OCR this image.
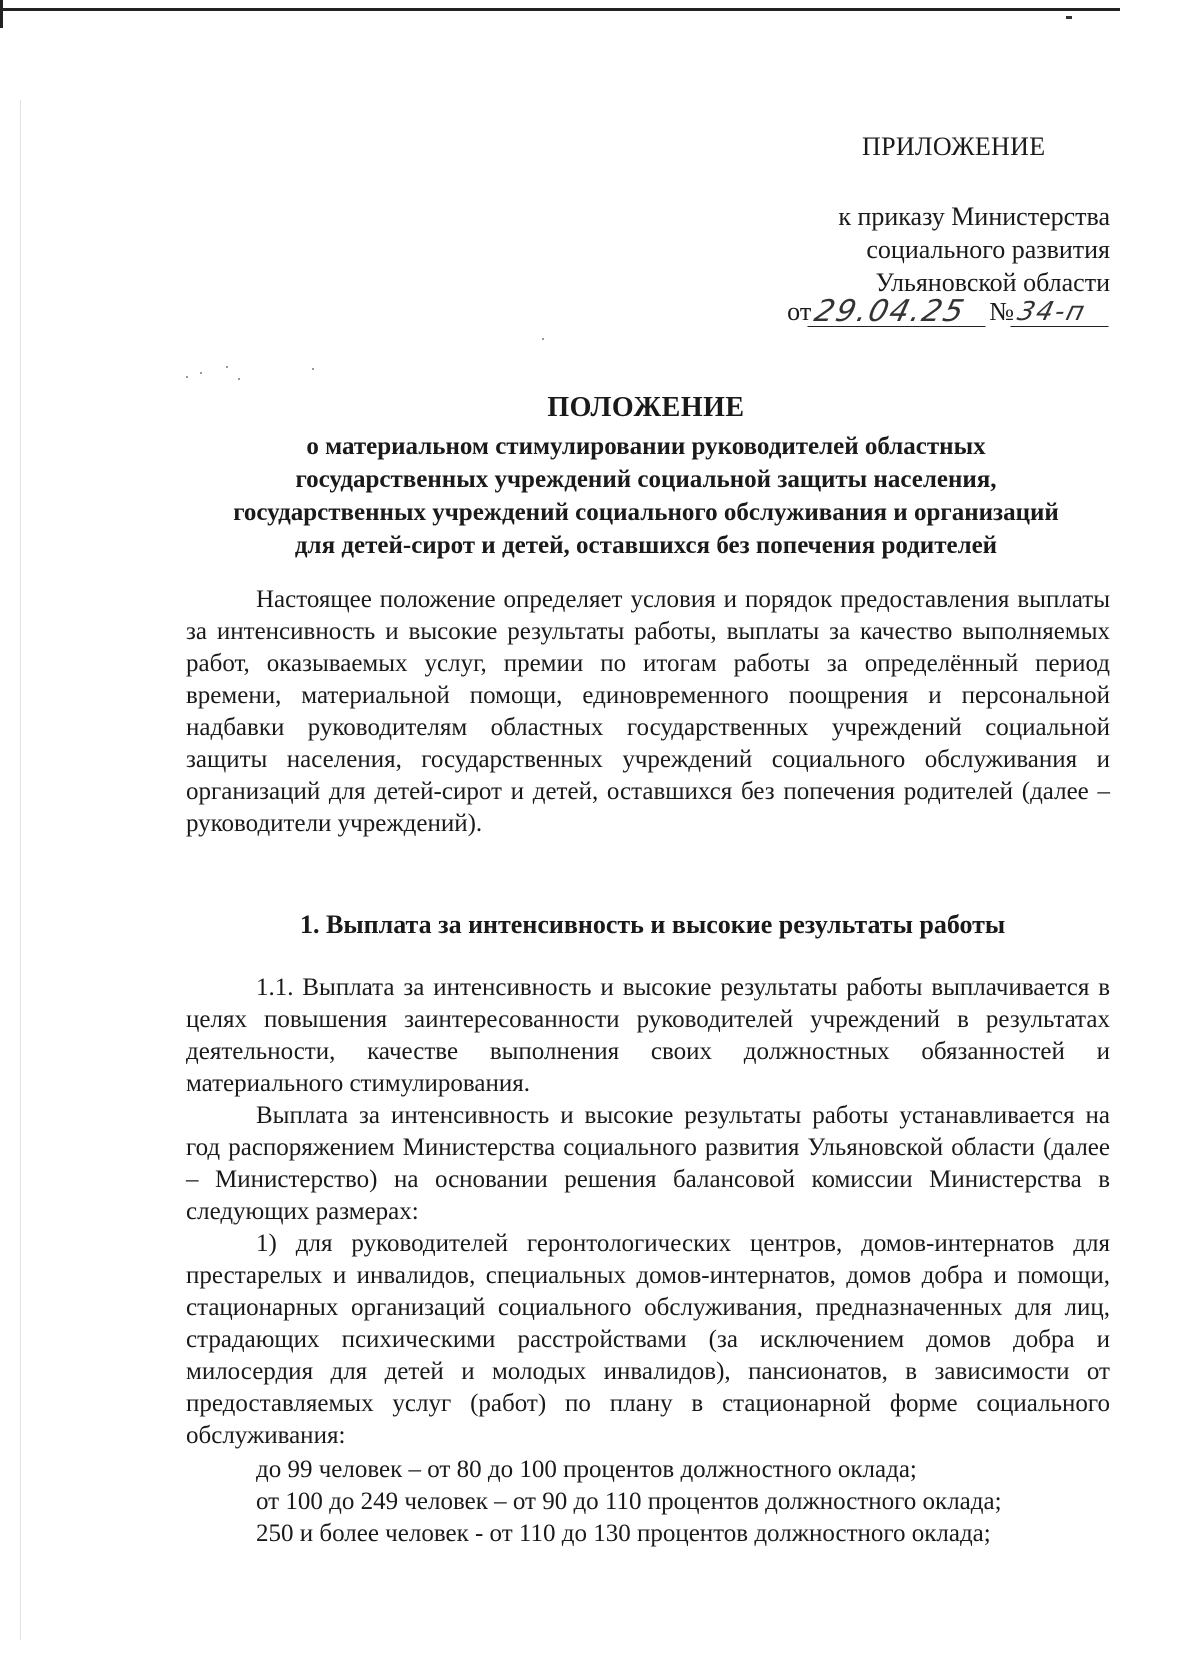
ПРИЛОЖЕНИЕ
к приказу Министерства
социального развития
Ульяновской области
от 29.04.25 № 34-п
ПОЛОЖЕНИЕ
о материальном стимулировании руководителей областных
государственных учреждений социальной защиты населения,
государственных учреждений социального обслуживания и организаций
для детей-сирот и детей, оставшихся без попечения родителей

Настоящее положение определяет условия и порядок предоставления выплаты за интенсивность и высокие результаты работы, выплаты за качество выполняемых работ, оказываемых услуг, премии по итогам работы за определённый период времени, материальной помощи, единовременного поощрения и персональной надбавки руководителям областных государственных учреждений социальной защиты населения, государственных учреждений социального обслуживания и организаций для детей-сирот и детей, оставшихся без попечения родителей (далее – руководители учреждений).

1. Выплата за интенсивность и высокие результаты работы

1.1. Выплата за интенсивность и высокие результаты работы выплачивается в целях повышения заинтересованности руководителей учреждений в результатах деятельности, качестве выполнения своих должностных обязанностей и материального стимулирования.

Выплата за интенсивность и высокие результаты работы устанавливается на год распоряжением Министерства социального развития Ульяновской области (далее – Министерство) на основании решения балансовой комиссии Министерства в следующих размерах:

1) для руководителей геронтологических центров, домов-интернатов для престарелых и инвалидов, специальных домов-интернатов, домов добра и помощи, стационарных организаций социального обслуживания, предназначенных для лиц, страдающих психическими расстройствами (за исключением домов добра и милосердия для детей и молодых инвалидов), пансионатов, в зависимости от предоставляемых услуг (работ) по плану в стационарной форме социального обслуживания:

до 99 человек – от 80 до 100 процентов должностного оклада;
от 100 до 249 человек – от 90 до 110 процентов должностного оклада;
250 и более человек - от 110 до 130 процентов должностного оклада;
